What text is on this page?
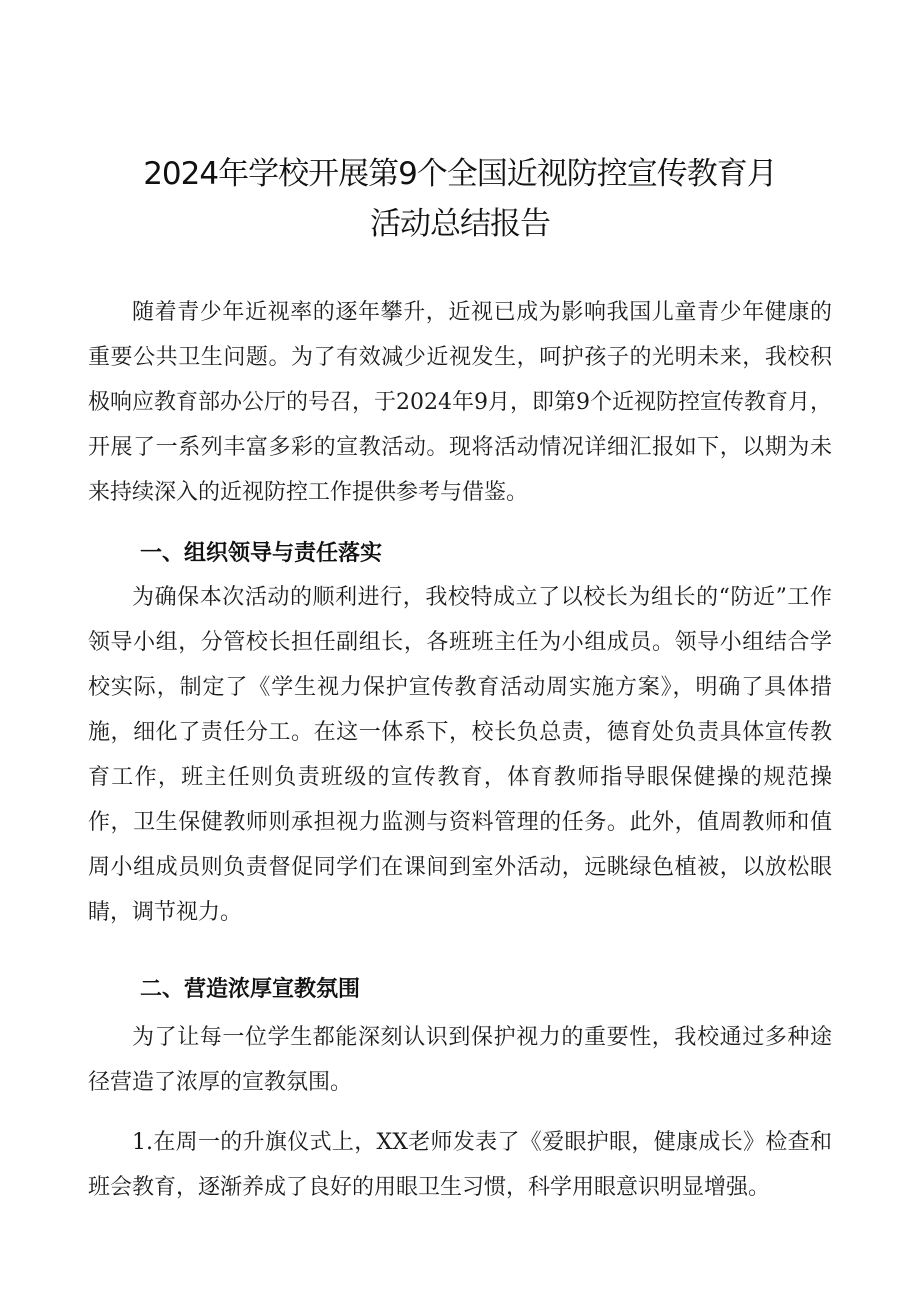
2024年学校开展第9个全国近视防控宣传教育月
活动总结报告

随着青少年近视率的逐年攀升，近视已成为影响我国儿童青少年健康的重要公共卫生问题。为了有效减少近视发生，呵护孩子的光明未来，我校积极响应教育部办公厅的号召，于2024年9月，即第9个近视防控宣传教育月，开展了一系列丰富多彩的宣教活动。现将活动情况详细汇报如下，以期为未来持续深入的近视防控工作提供参考与借鉴。

一、组织领导与责任落实

为确保本次活动的顺利进行，我校特成立了以校长为组长的“防近”工作领导小组，分管校长担任副组长，各班班主任为小组成员。领导小组结合学校实际，制定了《学生视力保护宣传教育活动周实施方案》，明确了具体措施，细化了责任分工。在这一体系下，校长负总责，德育处负责具体宣传教育工作，班主任则负责班级的宣传教育，体育教师指导眼保健操的规范操作，卫生保健教师则承担视力监测与资料管理的任务。此外，值周教师和值周小组成员则负责督促同学们在课间到室外活动，远眺绿色植被，以放松眼睛，调节视力。

二、营造浓厚宣教氛围

为了让每一位学生都能深刻认识到保护视力的重要性，我校通过多种途径营造了浓厚的宣教氛围。

1.在周一的升旗仪式上，XX老师发表了《爱眼护眼，健康成长》检查和班会教育，逐渐养成了良好的用眼卫生习惯，科学用眼意识明显增强。
